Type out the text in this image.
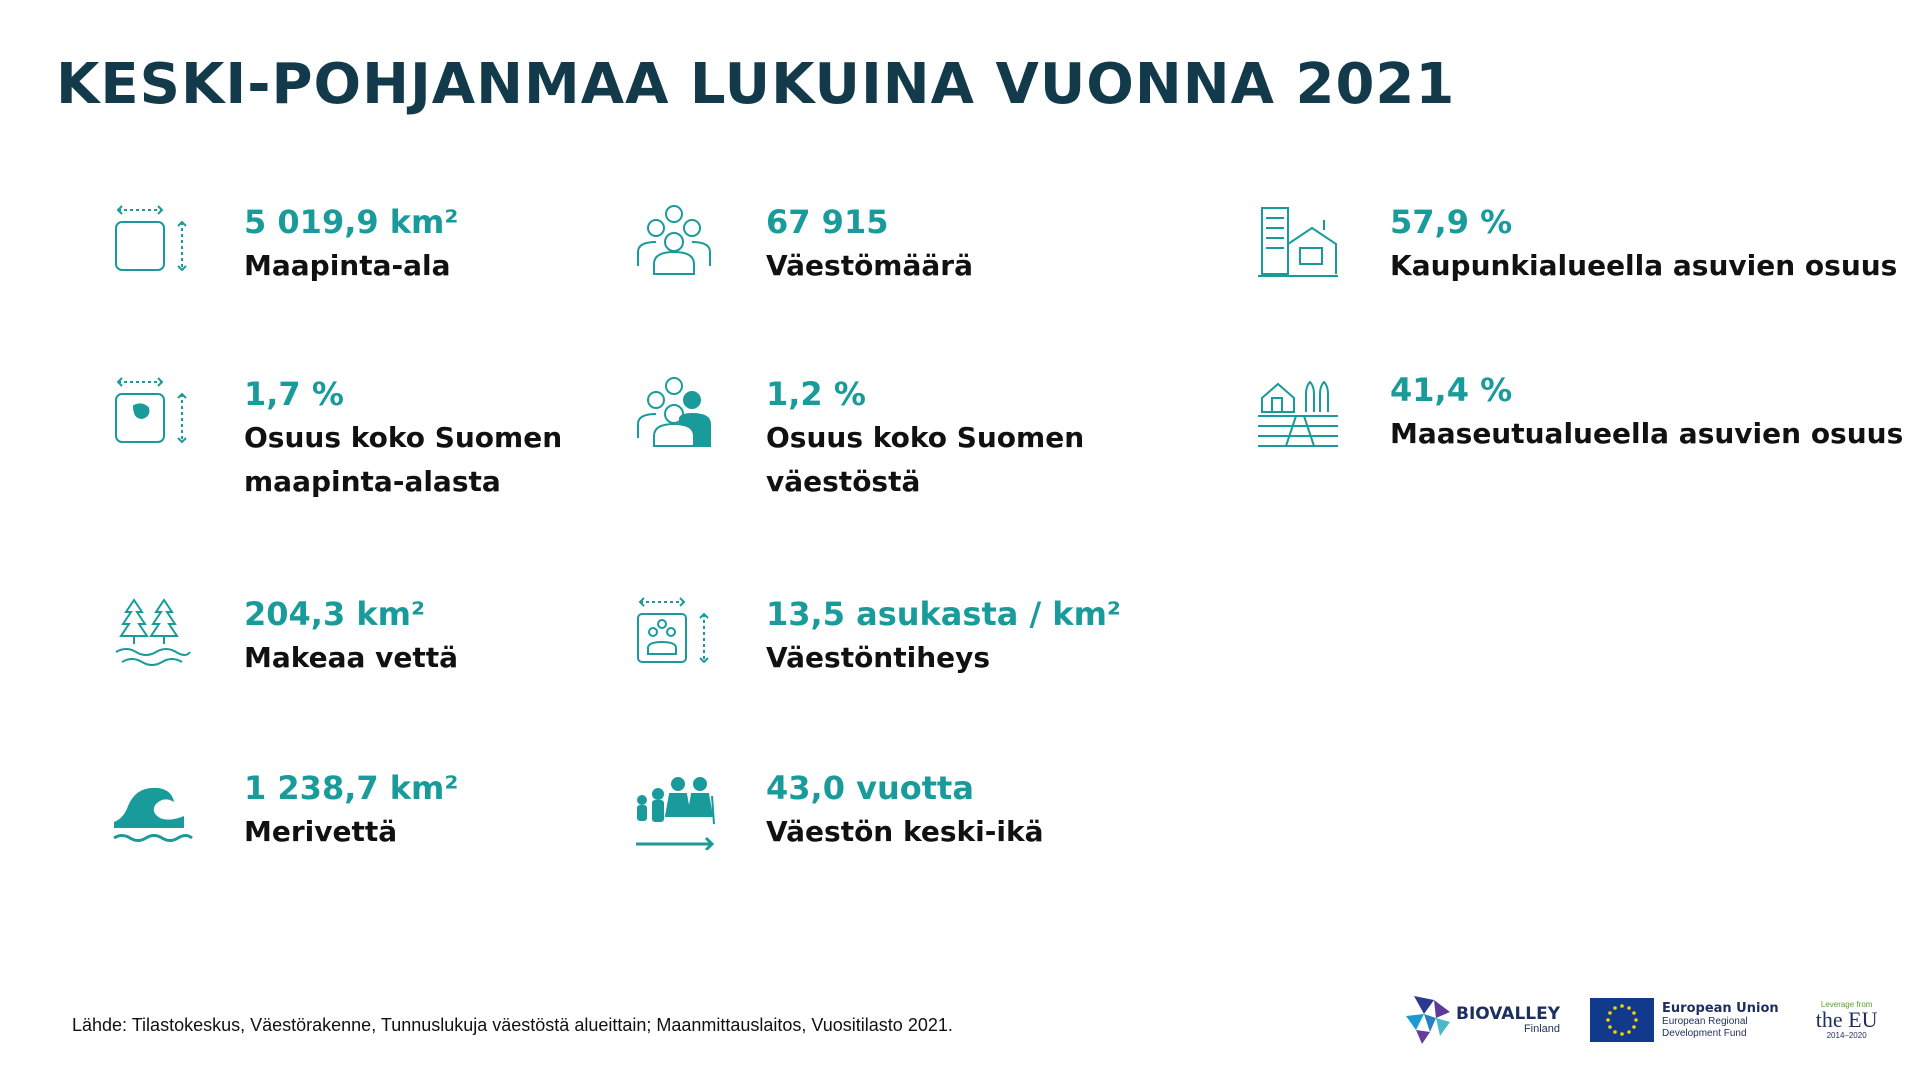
KESKI-POHJANMAA LUKUINA VUONNA 2021
5 019,9 km²
Maapinta-ala
1,7 %
Osuus koko Suomen
maapinta-alasta
204,3 km²
Makeaa vettä
1 238,7 km²
Merivettä
67 915
Väestömäärä
1,2 %
Osuus koko Suomen
väestöstä
13,5 asukasta / km²
Väestöntiheys
43,0 vuotta
Väestön keski-ikä
57,9 %
Kaupunkialueella asuvien osuus
41,4 %
Maaseutualueella asuvien osuus
Lähde: Tilastokeskus, Väestörakenne, Tunnuslukuja väestöstä alueittain; Maanmittauslaitos, Vuositilasto 2021.
BIOVALLEY
Finland
European Union
European Regional
Development Fund
Leverage from
the EU
2014–2020
